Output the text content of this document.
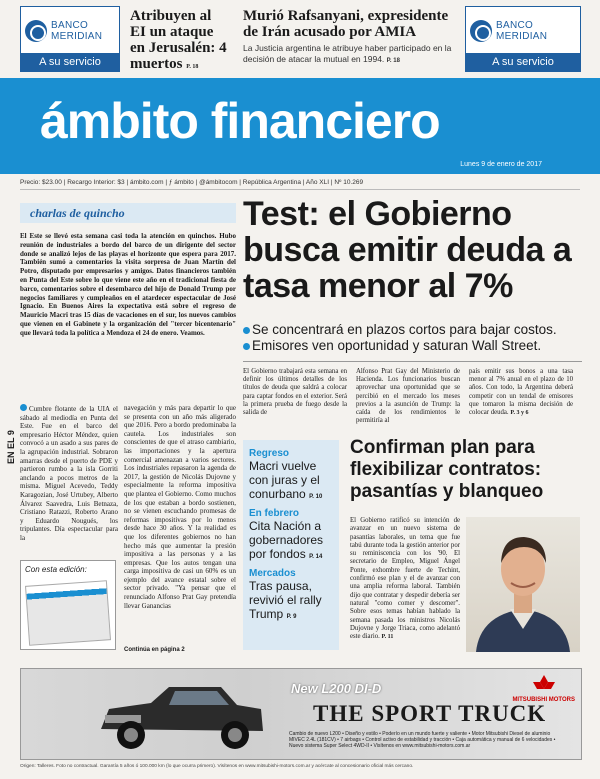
BANCO MERIDIAN
A su servicio
Atribuyen al EI un ataque en Jerusalén: 4 muertos P. 18
Murió Rafsanyani, expresidente de Irán acusado por AMIA

La Justicia argentina le atribuye haber participado en la decisión de atacar la mutual en 1994. P. 18

BANCO MERIDIAN
A su servicio
ámbito financiero
Lunes 9 de enero de 2017
Precio: $23.00 | Recargo Interior: $3 | ámbito.com | ƒ ámbito | @ámbitocom | República Argentina | Año XLI | Nº 10.269
charlas de quincho
El Este se llevó esta semana casi toda la atención en quinchos. Hubo reunión de industriales a bordo del barco de un dirigente del sector donde se analizó lejos de las playas el horizonte que espera para 2017. También sumó a comentarios la visita sorpresa de Juan Martín del Potro, disputado por empresarios y amigos. Datos financieros también en Punta del Este sobre lo que viene este año en el tradicional fiesta de barco, comentarios sobre el desembarco del hijo de Donald Trump por negocios familiares y cumpleaños en el atardecer espectacular de José Ignacio. En Buenos Aires la expectativa está sobre el regreso de Mauricio Macri tras 15 días de vacaciones en el sur, los nuevos cambios que vienen en el Gabinete y la organización del "tercer bicentenario" que llevará toda la política a Mendoza el 24 de enero. Veamos.
EN EL 9
Cumbre flotante de la UIA el sábado al mediodía en Punta del Este. Fue en el barco del empresario Héctor Méndez, quien convocó a un asado a sus pares de la agrupación industrial. Sobraron amarras desde el puerto de PDE y partieron rumbo a la isla Gorriti anclando a pocos metros de la misma. Miguel Acevedo, Teddy Karagozian, José Urtubey, Alberto Álvarez Saavedra, Luis Betnaza, Cristiano Ratazzi, Roberto Arano y Eduardo Nougués, los tripulantes. Día espectacular para la
Con esta edición:
navegación y más para departir lo que se presenta con un año más aligerado que 2016. Pero a bordo predominaba la cautela. Los industriales son conscientes de que el atraso cambiario, las importaciones y la apertura comercial amenazan a varios sectores. Los industriales repasaron la agenda de 2017, la gestión de Nicolás Dujovne y especialmente la reforma impositiva que plantea el Gobierno. Como muchos de los que estaban a bordo sostienen, no se vienen escuchando promesas de reformas impositivas por lo menos desde hace 30 años. Y la realidad es que los diferentes gobiernos no han hecho más que aumentar la presión impositiva a las personas y a las empresas. Que los autos tengan una carga impositiva de casi un 60% es un ejemplo del avance estatal sobre el sector privado. "Ya pensar que el renunciado Alfonso Prat Gay pretendía llevar Ganancias
Continúa en página 2
Test: el Gobierno busca emitir deuda a tasa menor al 7%
Se concentrará en plazos cortos para bajar costos.
Emisores ven oportunidad y saturan Wall Street.
El Gobierno trabajará esta semana en definir los últimos detalles de los títulos de deuda que saldrá a colocar para captar fondos en el exterior. Será la primera prueba de fuego desde la salida de
Alfonso Prat Gay del Ministerio de Hacienda. Los funcionarios buscan aprovechar una oportunidad que se percibió en el mercado los meses previos a la asunción de Trump: la caída de los rendimientos le permitiría al
país emitir sus bonos a una tasa menor al 7% anual en el plazo de 10 años. Con todo, la Argentina deberá competir con un tendal de emisores que tomaron la misma decisión de colocar deuda. P. 3 y 6
Regreso
Macri vuelve con juras y el conurbano P. 10
En febrero
Cita Nación a gobernadores por fondos P. 14
Mercados
Tras pausa, revivió el rally Trump P. 9
Confirman plan para flexibilizar contratos: pasantías y blanqueo
El Gobierno ratificó su intención de avanzar en un nuevo sistema de pasantías laborales, un tema que fue tabú durante toda la gestión anterior por su reminiscencia con los '90. El secretario de Empleo, Miguel Ángel Ponte, exhombre fuerte de Techint, confirmó ese plan y el de avanzar con una amplia reforma laboral. También dijo que contratar y despedir debería ser natural "como comer y descomer". Sobre esos temas habían hablado la semana pasada los ministros Nicolás Dujovne y Jorge Triaca, como adelantó este diario. P. 11
New L200 DI-D
THE SPORT TRUCK
Cambio de nuevo L200 • Diseño y estilo • Poderío en un mundo fuerte y valiente • Motor Mitsubishi Diesel de aluminio MIVEC 2.4L (181CV) • 7 airbags • Control activo de estabilidad y tracción • Caja automática y manual de 6 velocidades • Nuevo sistema Super Select 4WD-II • Visítenos en www.mitsubishi-motors.com.ar
MITSUBISHI MOTORS
Origen: Talleres. Foto no contractual. Garantía 5 años ó 100.000 km (lo que ocurra primero). Visítenos en www.mitsubishi-motors.com.ar y acércate al concesionario oficial más cercano.
